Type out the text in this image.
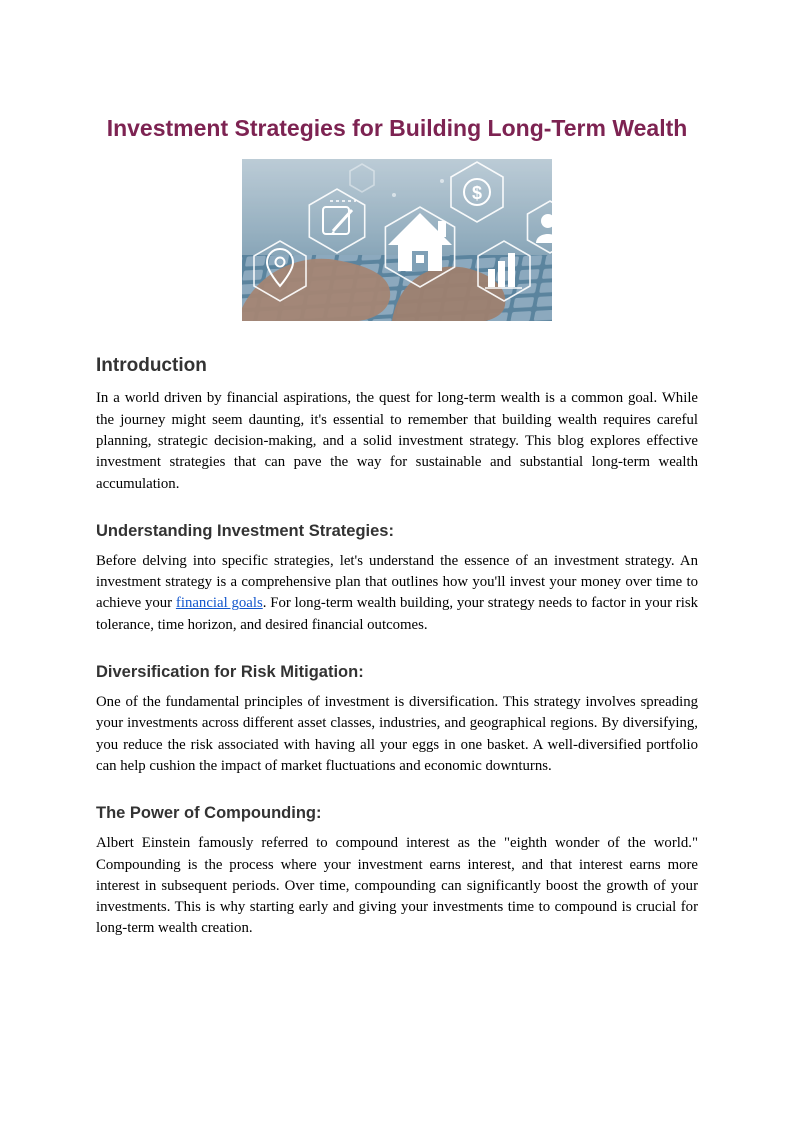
Investment Strategies for Building Long-Term Wealth
$
Introduction

In a world driven by financial aspirations, the quest for long-term wealth is a common goal. While the journey might seem daunting, it's essential to remember that building wealth requires careful planning, strategic decision-making, and a solid investment strategy. This blog explores effective investment strategies that can pave the way for sustainable and substantial long-term wealth accumulation.

Understanding Investment Strategies:

Before delving into specific strategies, let's understand the essence of an investment strategy. An investment strategy is a comprehensive plan that outlines how you'll invest your money over time to achieve your financial goals. For long-term wealth building, your strategy needs to factor in your risk tolerance, time horizon, and desired financial outcomes.

Diversification for Risk Mitigation:

One of the fundamental principles of investment is diversification. This strategy involves spreading your investments across different asset classes, industries, and geographical regions. By diversifying, you reduce the risk associated with having all your eggs in one basket. A well-diversified portfolio can help cushion the impact of market fluctuations and economic downturns.

The Power of Compounding:

Albert Einstein famously referred to compound interest as the "eighth wonder of the world." Compounding is the process where your investment earns interest, and that interest earns more interest in subsequent periods. Over time, compounding can significantly boost the growth of your investments. This is why starting early and giving your investments time to compound is crucial for long-term wealth creation.
